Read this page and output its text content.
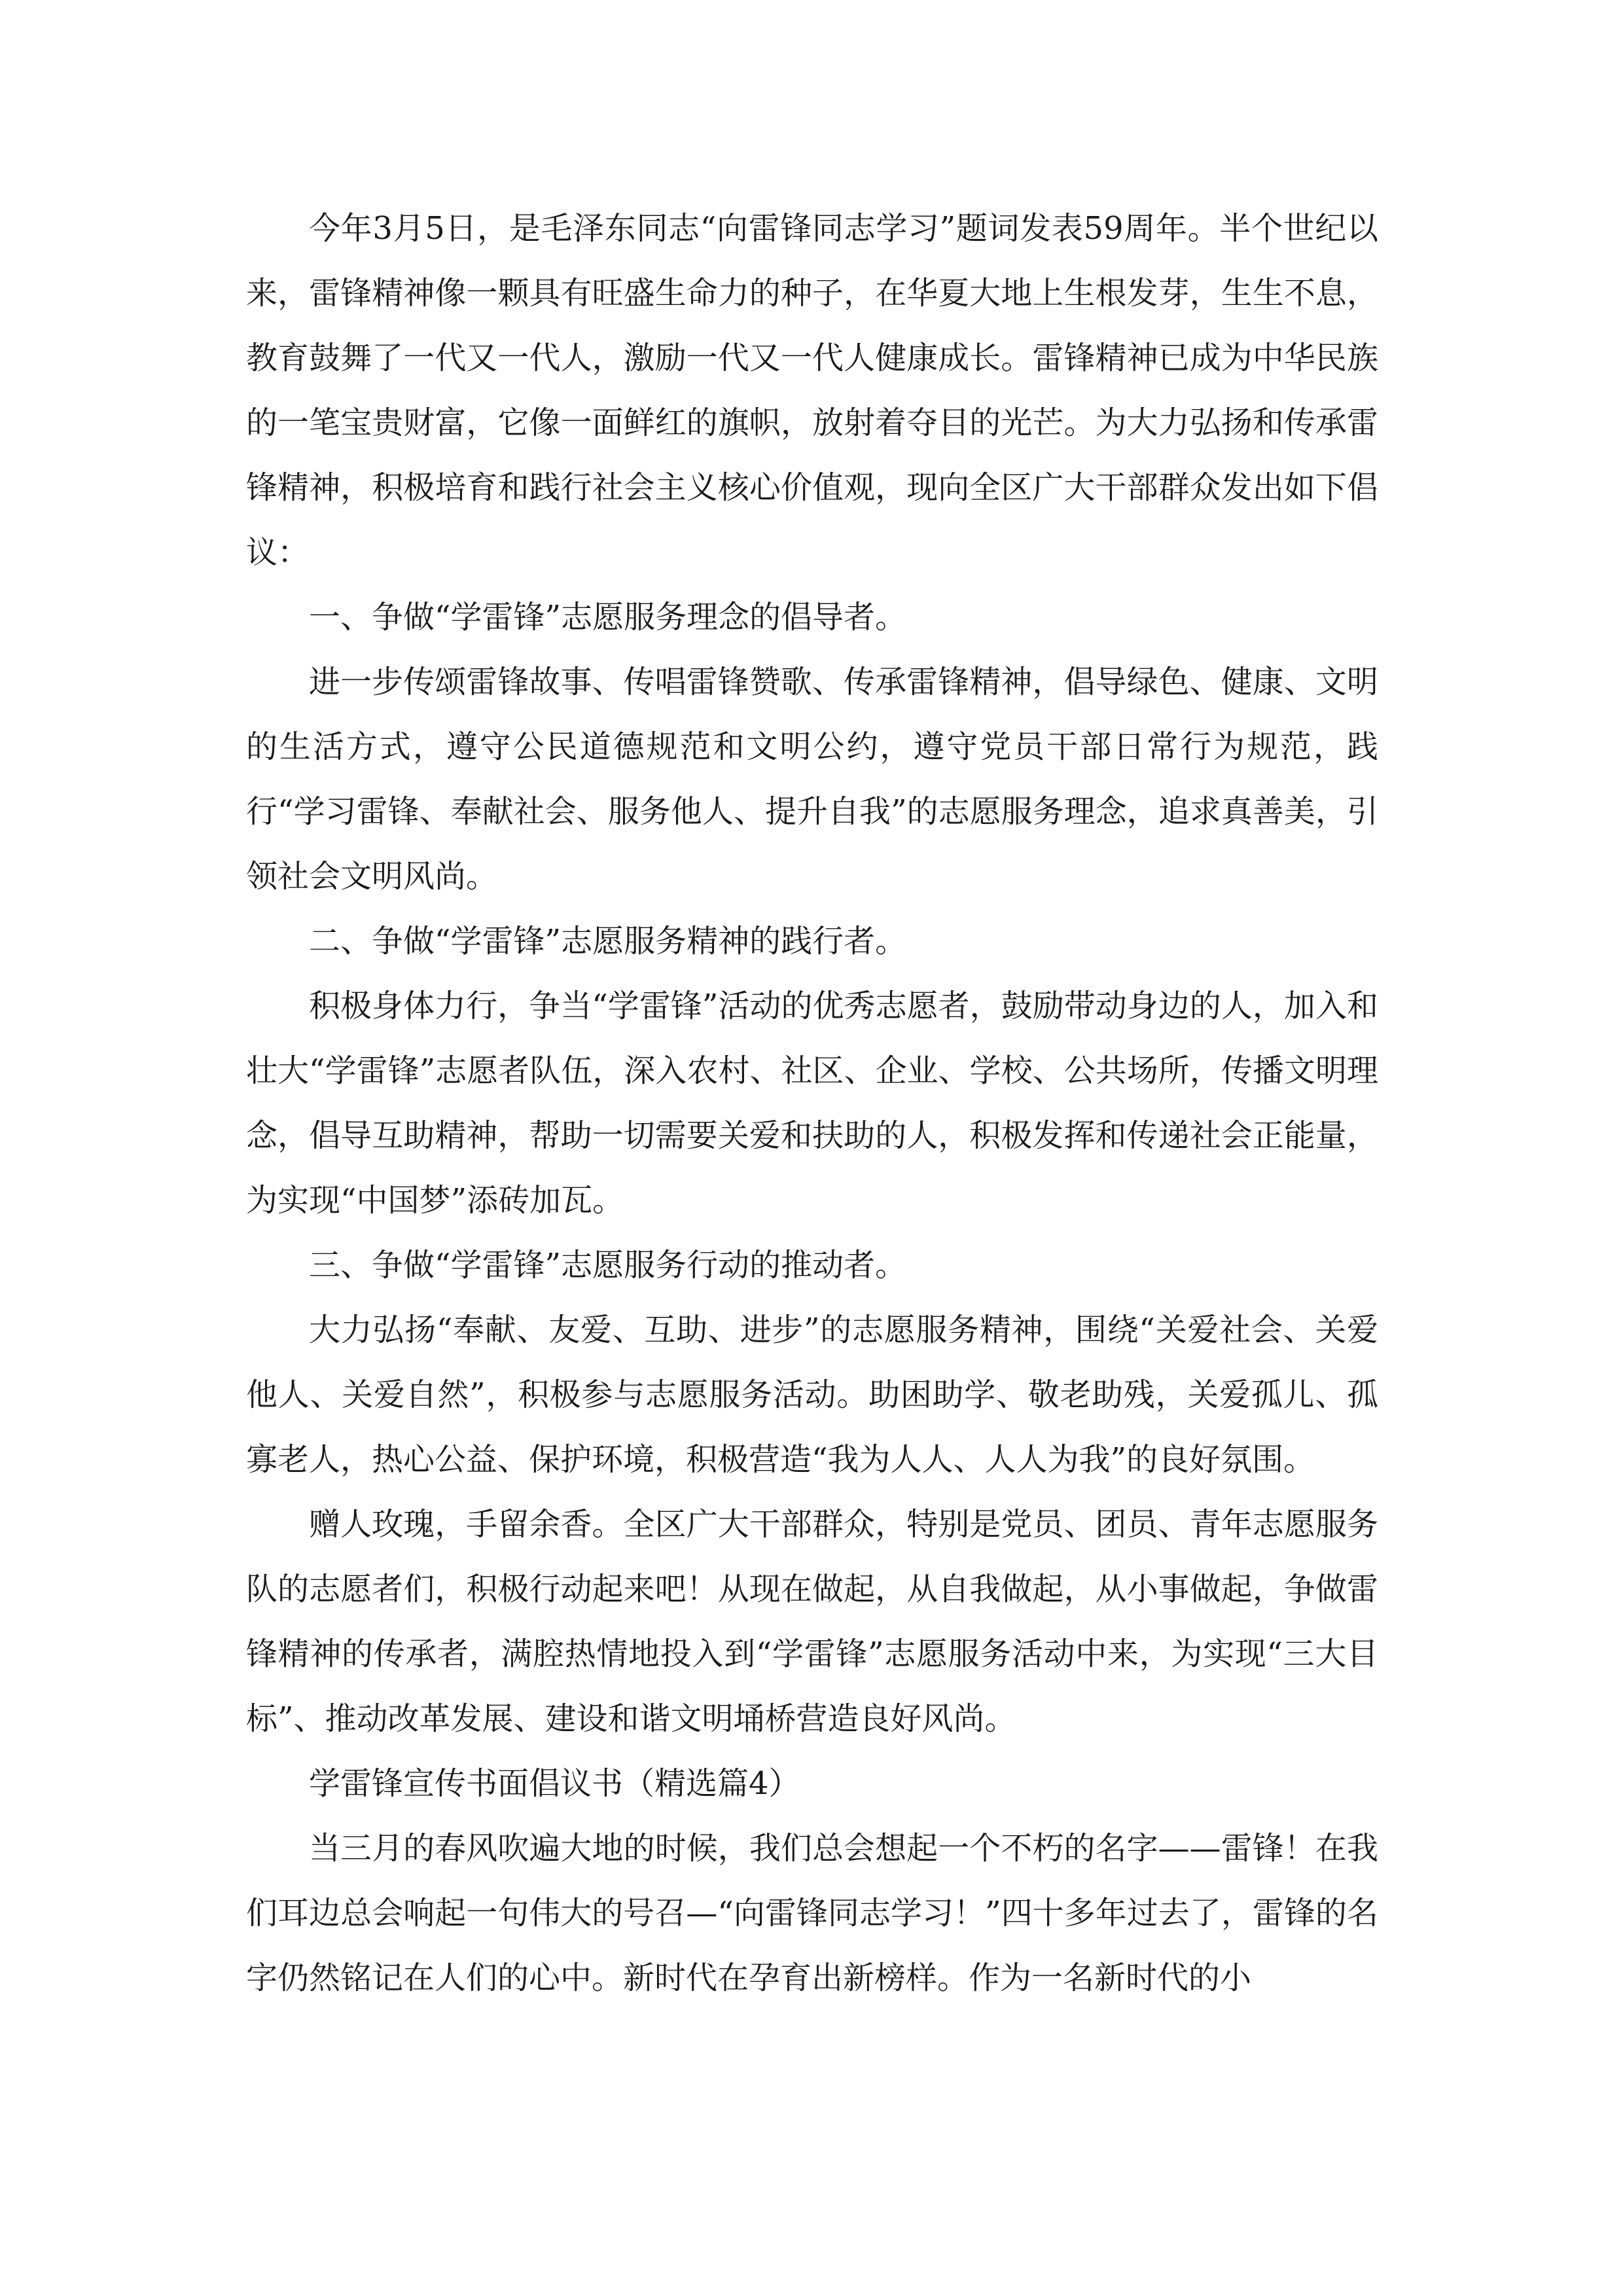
今年3月5日，是毛泽东同志“向雷锋同志学习”题词发表59周年。半个世纪以来，雷锋精神像一颗具有旺盛生命力的种子，在华夏大地上生根发芽，生生不息，教育鼓舞了一代又一代人，激励一代又一代人健康成长。雷锋精神已成为中华民族的一笔宝贵财富，它像一面鲜红的旗帜，放射着夺目的光芒。为大力弘扬和传承雷锋精神，积极培育和践行社会主义核心价值观，现向全区广大干部群众发出如下倡议：

一、争做“学雷锋”志愿服务理念的倡导者。

进一步传颂雷锋故事、传唱雷锋赞歌、传承雷锋精神，倡导绿色、健康、文明的生活方式，遵守公民道德规范和文明公约，遵守党员干部日常行为规范，践行“学习雷锋、奉献社会、服务他人、提升自我”的志愿服务理念，追求真善美，引领社会文明风尚。

二、争做“学雷锋”志愿服务精神的践行者。

积极身体力行，争当“学雷锋”活动的优秀志愿者，鼓励带动身边的人，加入和壮大“学雷锋”志愿者队伍，深入农村、社区、企业、学校、公共场所，传播文明理念，倡导互助精神，帮助一切需要关爱和扶助的人，积极发挥和传递社会正能量，为实现“中国梦”添砖加瓦。

三、争做“学雷锋”志愿服务行动的推动者。

大力弘扬“奉献、友爱、互助、进步”的志愿服务精神，围绕“关爱社会、关爱他人、关爱自然”，积极参与志愿服务活动。助困助学、敬老助残，关爱孤儿、孤寡老人，热心公益、保护环境，积极营造“我为人人、人人为我”的良好氛围。

赠人玫瑰，手留余香。全区广大干部群众，特别是党员、团员、青年志愿服务队的志愿者们，积极行动起来吧！从现在做起，从自我做起，从小事做起，争做雷锋精神的传承者，满腔热情地投入到“学雷锋”志愿服务活动中来，为实现“三大目标”、推动改革发展、建设和谐文明埇桥营造良好风尚。

学雷锋宣传书面倡议书（精选篇4）

当三月的春风吹遍大地的时候，我们总会想起一个不朽的名字——雷锋！在我们耳边总会响起一句伟大的号召—“向雷锋同志学习！”四十多年过去了，雷锋的名字仍然铭记在人们的心中。新时代在孕育出新榜样。作为一名新时代的小
